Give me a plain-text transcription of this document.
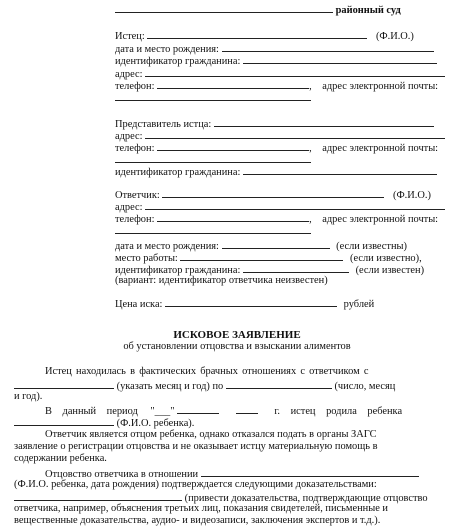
районный суд
Истец:	(Ф.И.О.)
дата и место рождения:
идентификатор гражданина:
адрес:
телефон:	, адрес электронной почты:
Представитель истца:
адрес:
телефон:	, адрес электронной почты:
идентификатор гражданина:
Ответчик:	(Ф.И.О.)
адрес:
телефон:	, адрес электронной почты:
дата и место рождения:	(если известны)
место работы:	(если известно),
идентификатор гражданина:	(если известен)
(вариант: идентификатор ответчика неизвестен)
Цена иска:	рублей
ИСКОВОЕ ЗАЯВЛЕНИЕ
об установлении отцовства и взыскании алиментов
Истец находилась в фактических брачных отношениях с ответчиком с
(указать месяц и год) по	(число, месяц
и год).
В данный период "___"	г. истец родила ребенка
(Ф.И.О. ребенка).
Ответчик является отцом ребенка, однако отказался подать в органы ЗАГС
заявление о регистрации отцовства и не оказывает истцу материальную помощь в
содержании ребенка.
Отцовство ответчика в отношении
(Ф.И.О. ребенка, дата рождения) подтверждается следующими доказательствами:
(привести доказательства, подтверждающие отцовство
ответчика, например, объяснения третьих лиц, показания свидетелей, письменные и
вещественные доказательства, аудио- и видеозаписи, заключения экспертов и т.д.).
